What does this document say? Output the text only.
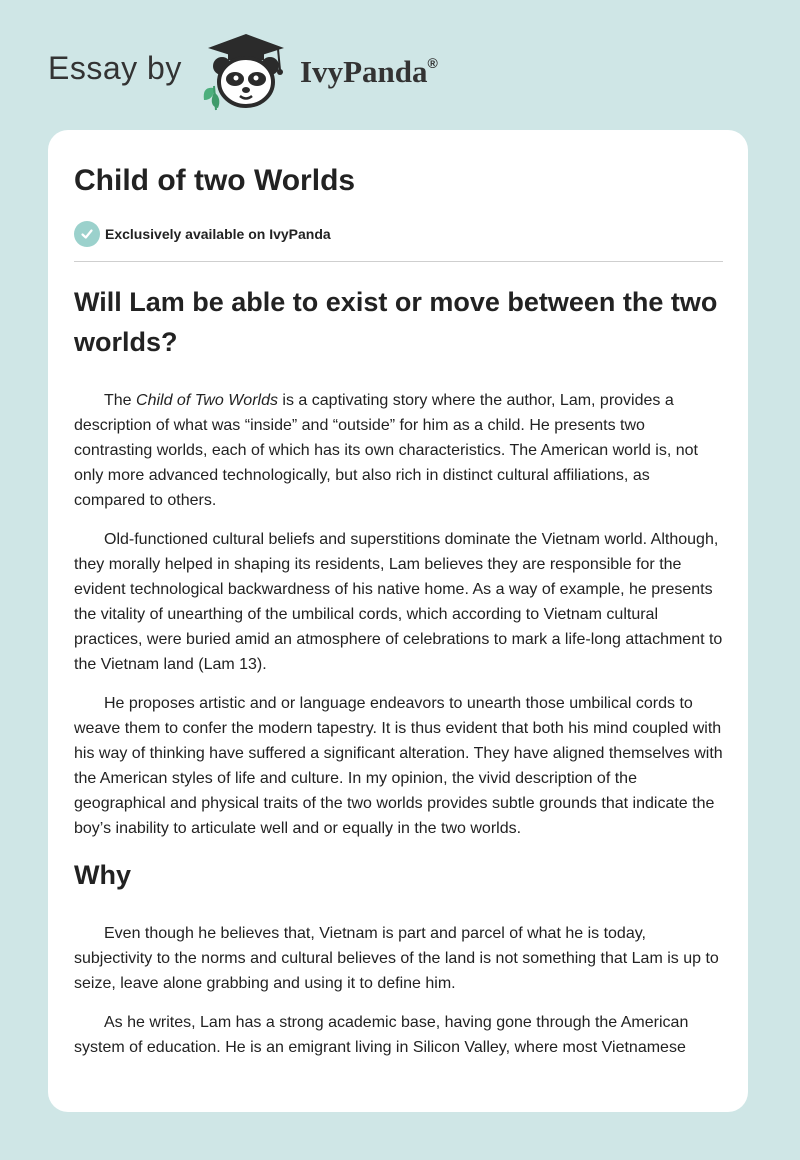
Essay by	IvyPanda®
Child of two Worlds
Exclusively available on IvyPanda
Will Lam be able to exist or move between the two worlds?

The Child of Two Worlds is a captivating story where the author, Lam, provides a description of what was “inside” and “outside” for him as a child. He presents two contrasting worlds, each of which has its own characteristics. The American world is, not only more advanced technologically, but also rich in distinct cultural affiliations, as compared to others.

Old-functioned cultural beliefs and superstitions dominate the Vietnam world. Although, they morally helped in shaping its residents, Lam believes they are responsible for the evident technological backwardness of his native home. As a way of example, he presents the vitality of unearthing of the umbilical cords, which according to Vietnam cultural practices, were buried amid an atmosphere of celebrations to mark a life-long attachment to the Vietnam land (Lam 13).

He proposes artistic and or language endeavors to unearth those umbilical cords to weave them to confer the modern tapestry. It is thus evident that both his mind coupled with his way of thinking have suffered a significant alteration. They have aligned themselves with the American styles of life and culture. In my opinion, the vivid description of the geographical and physical traits of the two worlds provides subtle grounds that indicate the boy’s inability to articulate well and or equally in the two worlds.

Why

Even though he believes that, Vietnam is part and parcel of what he is today, subjectivity to the norms and cultural believes of the land is not something that Lam is up to seize, leave alone grabbing and using it to define him.

As he writes, Lam has a strong academic base, having gone through the American system of education. He is an emigrant living in Silicon Valley, where most Vietnamese
